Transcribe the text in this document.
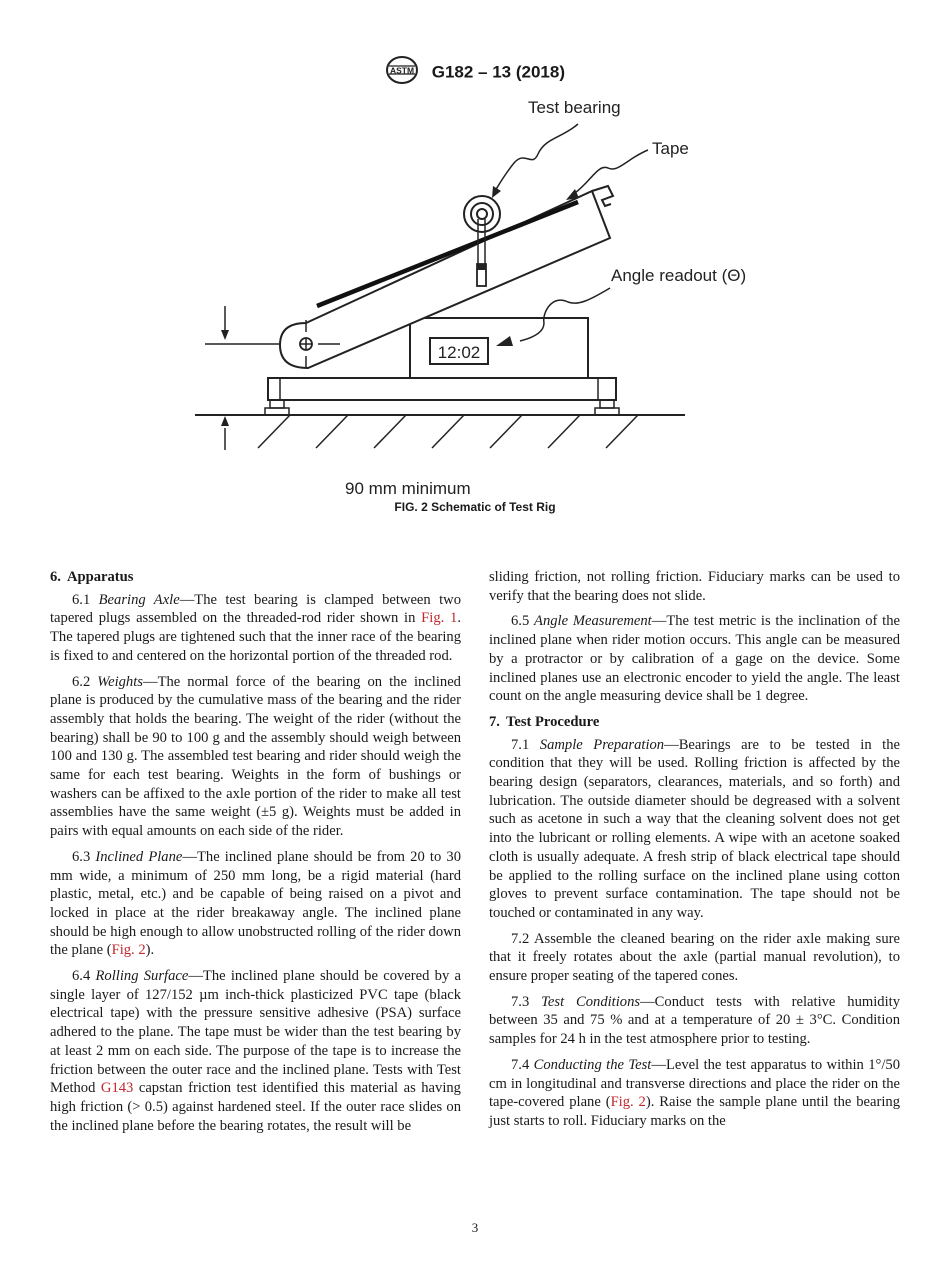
ASTM G182 – 13 (2018)
12:02
Test bearing
Tape
Angle readout (Θ)
90 mm minimum
FIG. 2 Schematic of Test Rig
6. Apparatus

6.1 Bearing Axle—The test bearing is clamped between two tapered plugs assembled on the threaded-rod rider shown in Fig. 1. The tapered plugs are tightened such that the inner race of the bearing is fixed to and centered on the horizontal portion of the threaded rod.

6.2 Weights—The normal force of the bearing on the inclined plane is produced by the cumulative mass of the bearing and the rider assembly that holds the bearing. The weight of the rider (without the bearing) shall be 90 to 100 g and the assembly should weigh between 100 and 130 g. The assembled test bearing and rider should weigh the same for each test bearing. Weights in the form of bushings or washers can be affixed to the axle portion of the rider to make all test assemblies have the same weight (±5 g). Weights must be added in pairs with equal amounts on each side of the rider.

6.3 Inclined Plane—The inclined plane should be from 20 to 30 mm wide, a minimum of 250 mm long, be a rigid material (hard plastic, metal, etc.) and be capable of being raised on a pivot and locked in place at the rider breakaway angle. The inclined plane should be high enough to allow unobstructed rolling of the rider down the plane (Fig. 2).

6.4 Rolling Surface—The inclined plane should be covered by a single layer of 127/152 µm inch-thick plasticized PVC tape (black electrical tape) with the pressure sensitive adhesive (PSA) surface adhered to the plane. The tape must be wider than the test bearing by at least 2 mm on each side. The purpose of the tape is to increase the friction between the outer race and the inclined plane. Tests with Test Method G143 capstan friction test identified this material as having high friction (> 0.5) against hardened steel. If the outer race slides on the inclined plane before the bearing rotates, the result will be

sliding friction, not rolling friction. Fiduciary marks can be used to verify that the bearing does not slide.

6.5 Angle Measurement—The test metric is the inclination of the inclined plane when rider motion occurs. This angle can be measured by a protractor or by calibration of a gage on the device. Some inclined planes use an electronic encoder to yield the angle. The least count on the angle measuring device shall be 1 degree.

7. Test Procedure

7.1 Sample Preparation—Bearings are to be tested in the condition that they will be used. Rolling friction is affected by the bearing design (separators, clearances, materials, and so forth) and lubrication. The outside diameter should be degreased with a solvent such as acetone in such a way that the cleaning solvent does not get into the lubricant or rolling elements. A wipe with an acetone soaked cloth is usually adequate. A fresh strip of black electrical tape should be applied to the rolling surface on the inclined plane using cotton gloves to prevent surface contamination. The tape should not be touched or contaminated in any way.

7.2 Assemble the cleaned bearing on the rider axle making sure that it freely rotates about the axle (partial manual revolution), to ensure proper seating of the tapered cones.

7.3 Test Conditions—Conduct tests with relative humidity between 35 and 75 % and at a temperature of 20 ± 3°C. Condition samples for 24 h in the test atmosphere prior to testing.

7.4 Conducting the Test—Level the test apparatus to within 1°/50 cm in longitudinal and transverse directions and place the rider on the tape-covered plane (Fig. 2). Raise the sample plane until the bearing just starts to roll. Fiduciary marks on the

3
